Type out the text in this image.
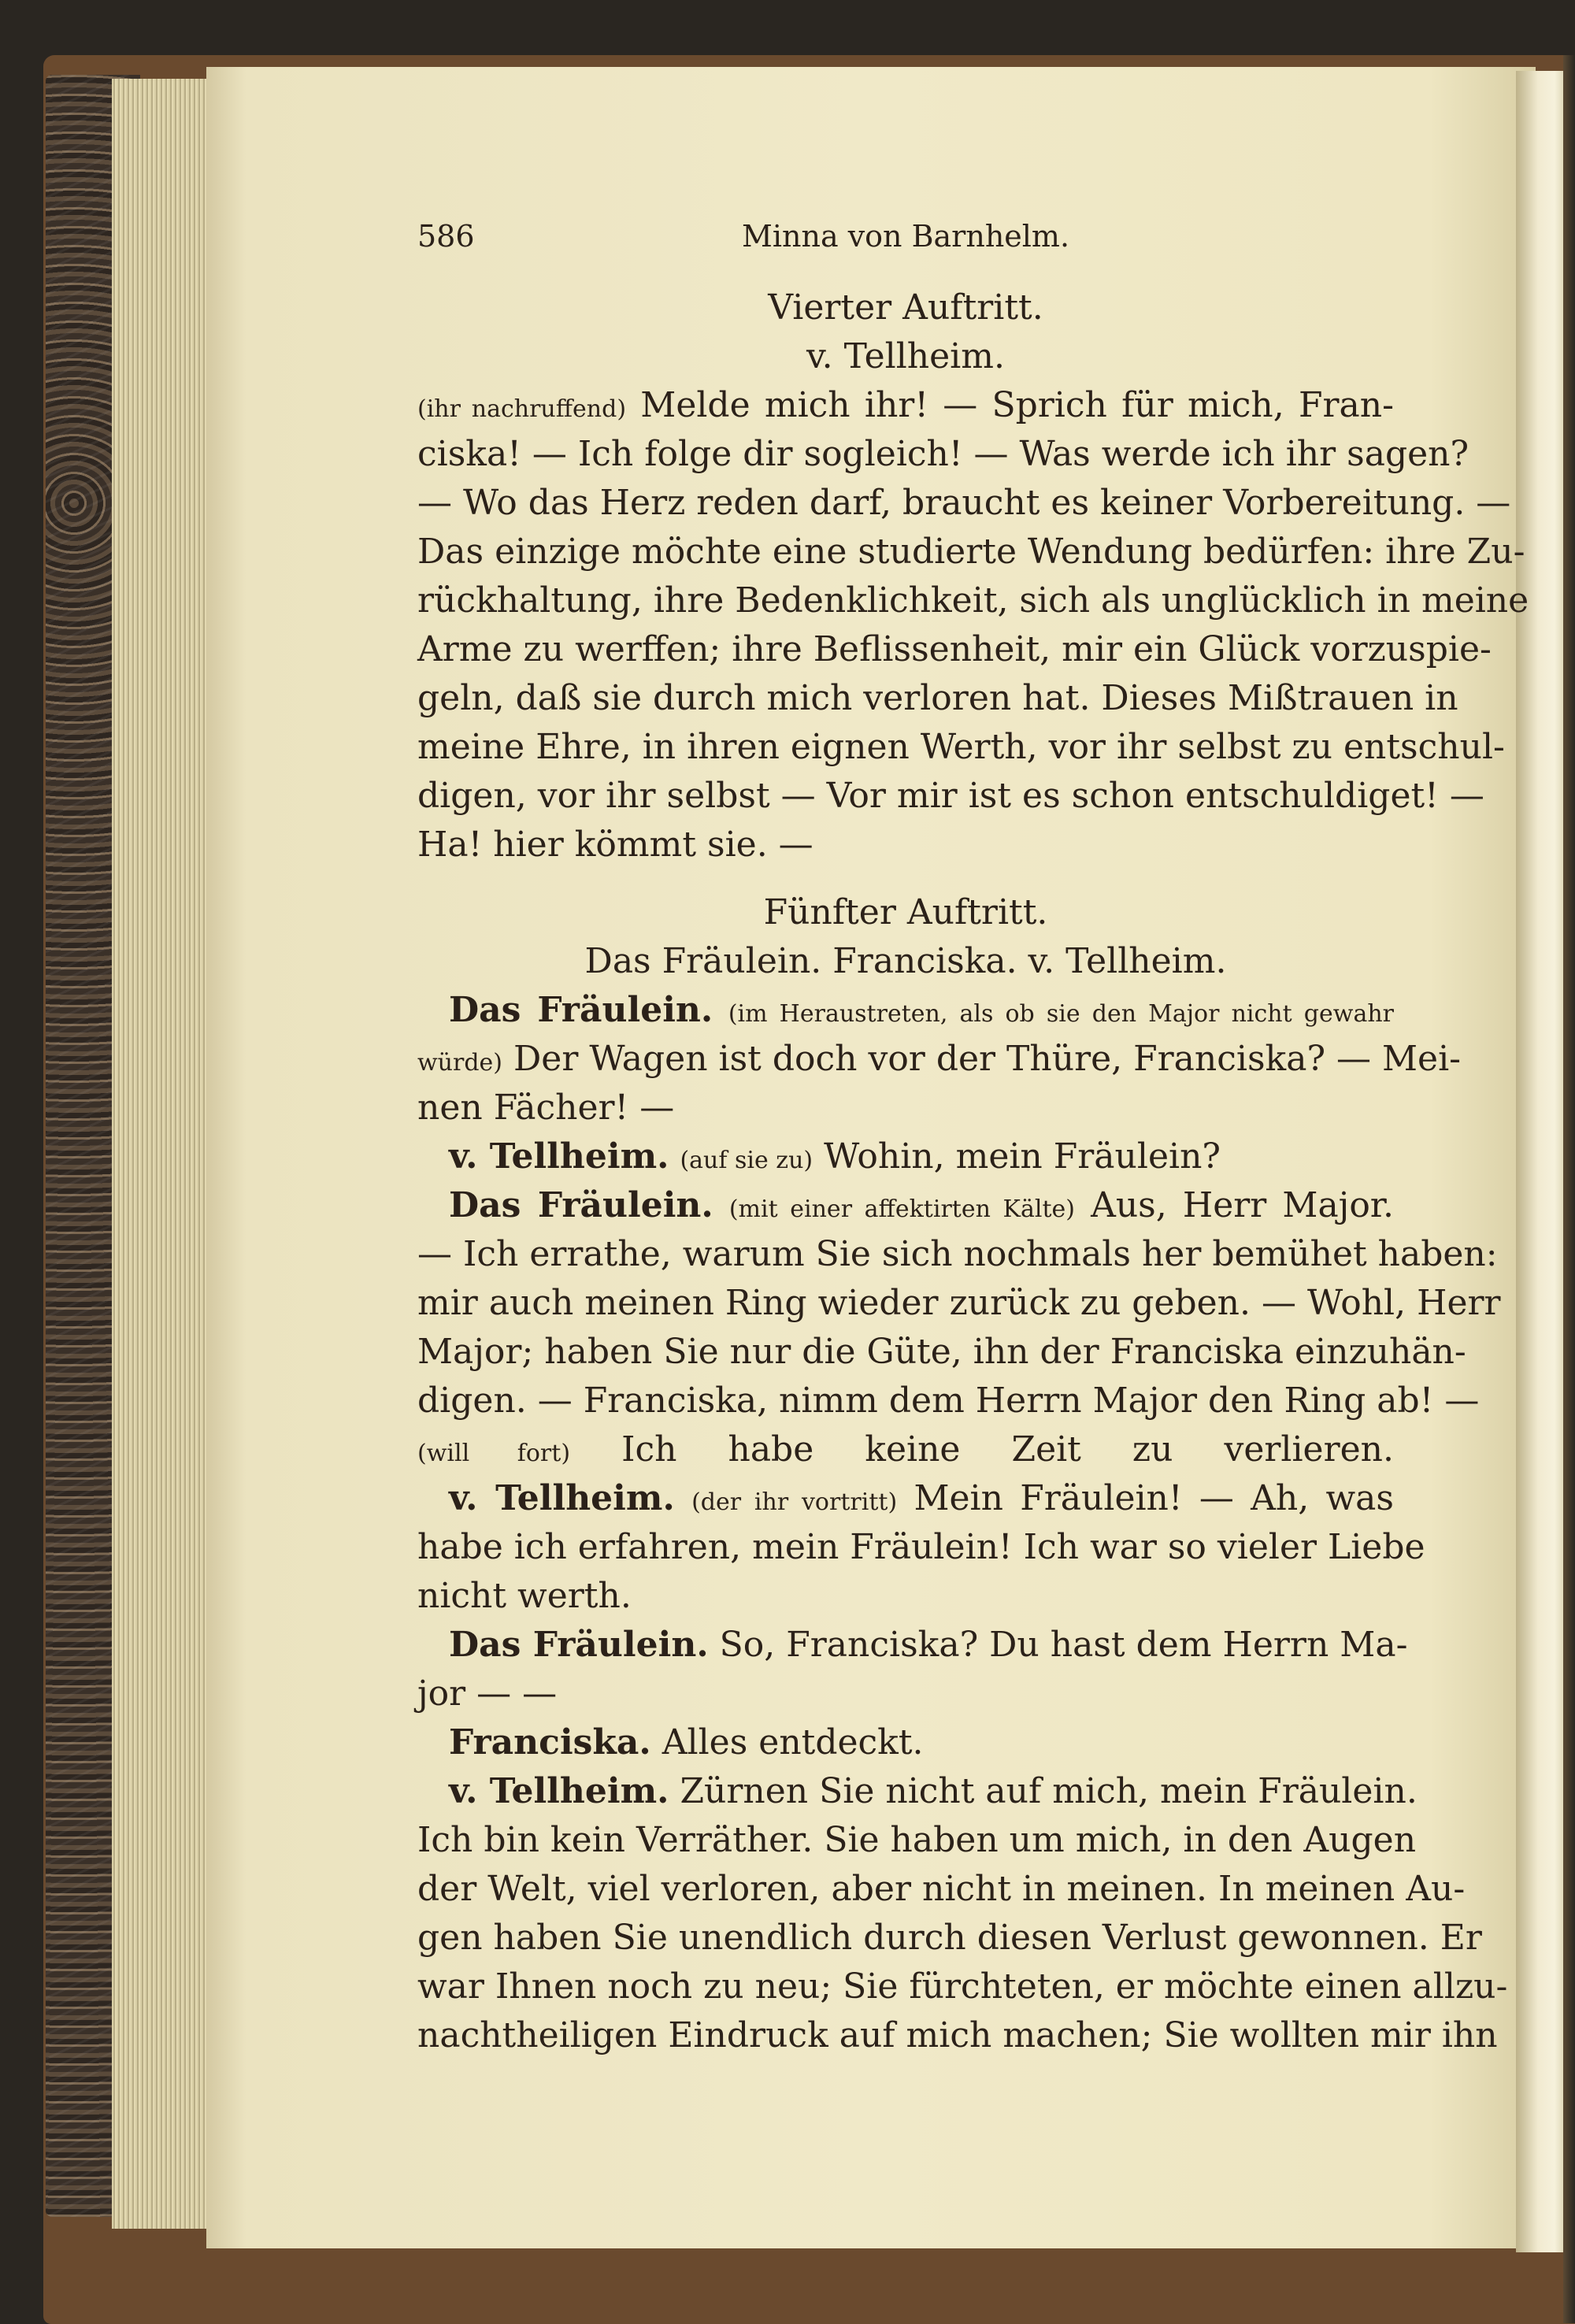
586	Minna von Barnhelm.
Vierter Auftritt.
v. Tellheim.
(ihr nachruffend) Melde mich ihr! — Sprich für mich, Fran-
ciska! — Ich folge dir sogleich! — Was werde ich ihr sagen?
— Wo das Herz reden darf, braucht es keiner Vorbereitung. —
Das einzige möchte eine studierte Wendung bedürfen: ihre Zu-
rückhaltung, ihre Bedenklichkeit, sich als unglücklich in meine
Arme zu werffen; ihre Beflissenheit, mir ein Glück vorzuspie-
geln, daß sie durch mich verloren hat. Dieses Mißtrauen in
meine Ehre, in ihren eignen Werth, vor ihr selbst zu entschul-
digen, vor ihr selbst — Vor mir ist es schon entschuldiget! —
Ha! hier kömmt sie. —
Fünfter Auftritt.
Das Fräulein. Franciska. v. Tellheim.
Das Fräulein. (im Heraustreten, als ob sie den Major nicht gewahr
würde) Der Wagen ist doch vor der Thüre, Franciska? — Mei-
nen Fächer! —
v. Tellheim. (auf sie zu) Wohin, mein Fräulein?
Das Fräulein. (mit einer affektirten Kälte) Aus, Herr Major.
— Ich errathe, warum Sie sich nochmals her bemühet haben:
mir auch meinen Ring wieder zurück zu geben. — Wohl, Herr
Major; haben Sie nur die Güte, ihn der Franciska einzuhän-
digen. — Franciska, nimm dem Herrn Major den Ring ab! —
(will fort) Ich habe keine Zeit zu verlieren.
v. Tellheim. (der ihr vortritt) Mein Fräulein! — Ah, was
habe ich erfahren, mein Fräulein! Ich war so vieler Liebe
nicht werth.
Das Fräulein. So, Franciska? Du hast dem Herrn Ma-
jor — —
Franciska. Alles entdeckt.
v. Tellheim. Zürnen Sie nicht auf mich, mein Fräulein.
Ich bin kein Verräther. Sie haben um mich, in den Augen
der Welt, viel verloren, aber nicht in meinen. In meinen Au-
gen haben Sie unendlich durch diesen Verlust gewonnen. Er
war Ihnen noch zu neu; Sie fürchteten, er möchte einen allzu-
nachtheiligen Eindruck auf mich machen; Sie wollten mir ihn
